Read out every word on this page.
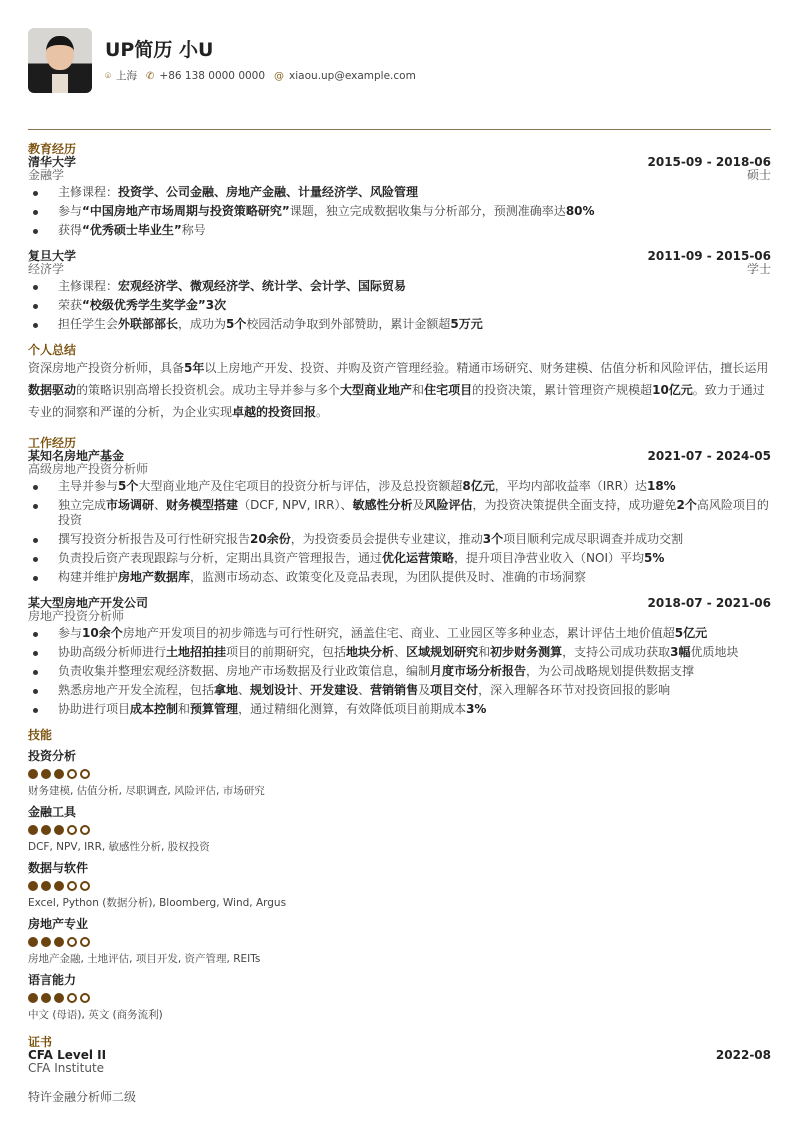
UP简历 小U
⌾ 上海 ✆ +86 138 0000 0000 @ xiaou.up@example.com
教育经历
清华大学	2015-09 - 2018-06
金融学	硕士
主修课程：投资学、公司金融、房地产金融、计量经济学、风险管理
参与“中国房地产市场周期与投资策略研究”课题，独立完成数据收集与分析部分，预测准确率达80%
获得“优秀硕士毕业生”称号
复旦大学	2011-09 - 2015-06
经济学	学士
主修课程：宏观经济学、微观经济学、统计学、会计学、国际贸易
荣获“校级优秀学生奖学金”3次
担任学生会外联部部长，成功为5个校园活动争取到外部赞助，累计金额超5万元
个人总结
资深房地产投资分析师，具备5年以上房地产开发、投资、并购及资产管理经验。精通市场研究、财务建模、估值分析和风险评估，擅长运用数据驱动的策略识别高增长投资机会。成功主导并参与多个大型商业地产和住宅项目的投资决策，累计管理资产规模超10亿元。致力于通过专业的洞察和严谨的分析，为企业实现卓越的投资回报。
工作经历
某知名房地产基金	2021-07 - 2024-05
高级房地产投资分析师
主导并参与5个大型商业地产及住宅项目的投资分析与评估，涉及总投资额超8亿元，平均内部收益率（IRR）达18%
独立完成市场调研、财务模型搭建（DCF, NPV, IRR）、敏感性分析及风险评估，为投资决策提供全面支持，成功避免2个高风险项目的投资
撰写投资分析报告及可行性研究报告20余份，为投资委员会提供专业建议，推动3个项目顺利完成尽职调查并成功交割
负责投后资产表现跟踪与分析，定期出具资产管理报告，通过优化运营策略，提升项目净营业收入（NOI）平均5%
构建并维护房地产数据库，监测市场动态、政策变化及竞品表现，为团队提供及时、准确的市场洞察
某大型房地产开发公司	2018-07 - 2021-06
房地产投资分析师
参与10余个房地产开发项目的初步筛选与可行性研究，涵盖住宅、商业、工业园区等多种业态，累计评估土地价值超5亿元
协助高级分析师进行土地招拍挂项目的前期研究，包括地块分析、区域规划研究和初步财务测算，支持公司成功获取3幅优质地块
负责收集并整理宏观经济数据、房地产市场数据及行业政策信息，编制月度市场分析报告，为公司战略规划提供数据支撑
熟悉房地产开发全流程，包括拿地、规划设计、开发建设、营销销售及项目交付，深入理解各环节对投资回报的影响
协助进行项目成本控制和预算管理，通过精细化测算，有效降低项目前期成本3%
技能
投资分析
财务建模, 估值分析, 尽职调查, 风险评估, 市场研究
金融工具
DCF, NPV, IRR, 敏感性分析, 股权投资
数据与软件
Excel, Python (数据分析), Bloomberg, Wind, Argus
房地产专业
房地产金融, 土地评估, 项目开发, 资产管理, REITs
语言能力
中文 (母语), 英文 (商务流利)
证书
CFA Level II	2022-08
CFA Institute
特许金融分析师二级
